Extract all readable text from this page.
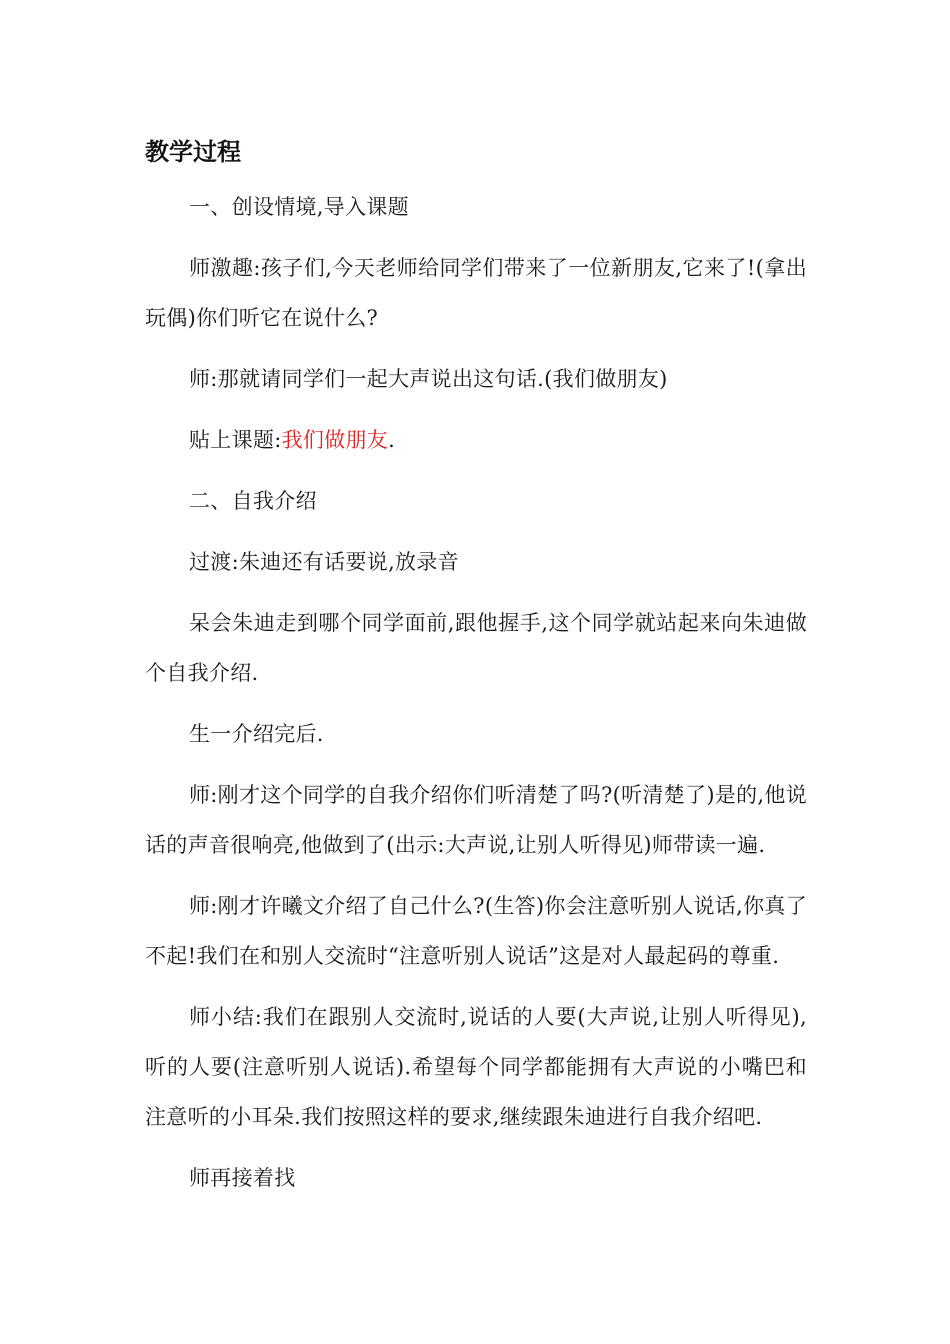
教学过程

一、创设情境,导入课题

师激趣:孩子们,今天老师给同学们带来了一位新朋友,它来了!(拿出玩偶)你们听它在说什么?

师:那就请同学们一起大声说出这句话.(我们做朋友)

贴上课题:我们做朋友.

二、自我介绍

过渡:朱迪还有话要说,放录音

呆会朱迪走到哪个同学面前,跟他握手,这个同学就站起来向朱迪做个自我介绍.

生一介绍完后.

师:刚才这个同学的自我介绍你们听清楚了吗?(听清楚了)是的,他说话的声音很响亮,他做到了(出示:大声说,让别人听得见)师带读一遍.

师:刚才许曦文介绍了自己什么?(生答)你会注意听别人说话,你真了不起!我们在和别人交流时“注意听别人说话”这是对人最起码的尊重.

师小结:我们在跟别人交流时,说话的人要(大声说,让别人听得见),听的人要(注意听别人说话).希望每个同学都能拥有大声说的小嘴巴和注意听的小耳朵.我们按照这样的要求,继续跟朱迪进行自我介绍吧.

师再接着找
